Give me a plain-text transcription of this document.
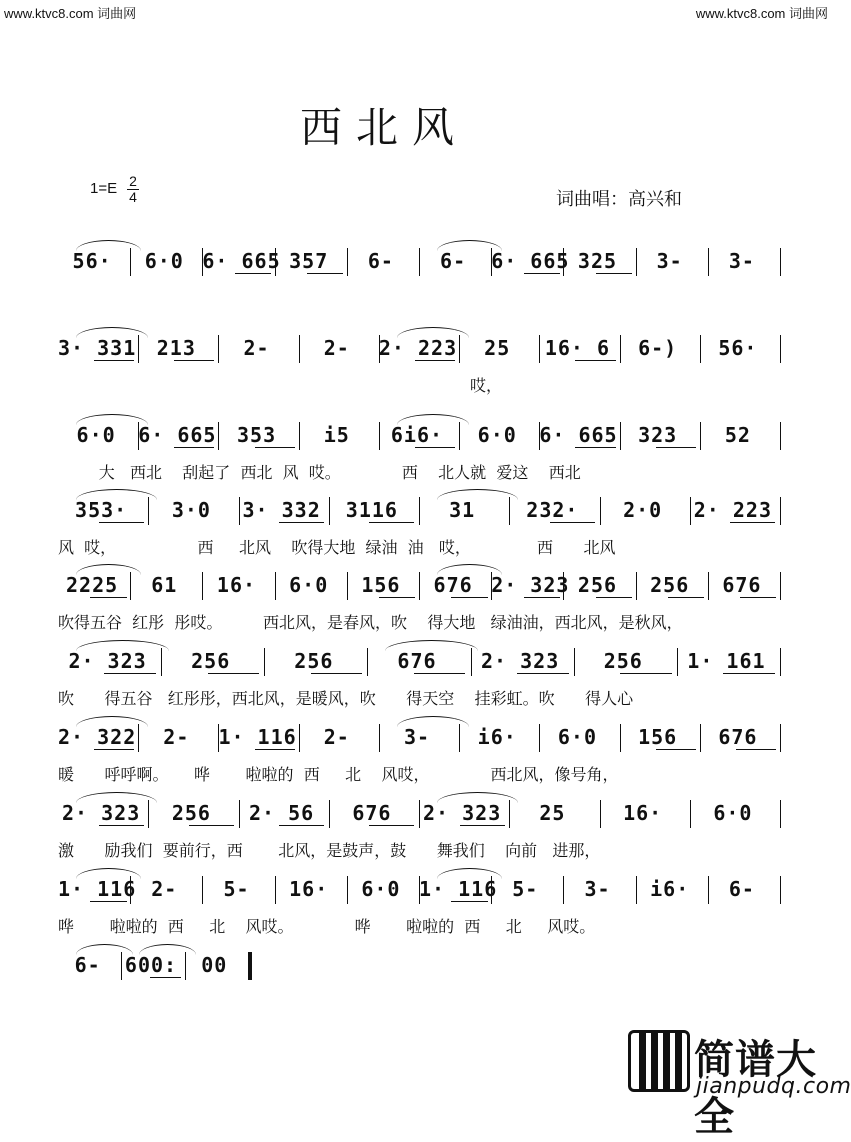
www.ktvc8.com 词曲网	www.ktvc8.com 词曲网
西北风
1=E 2
4	词曲唱：高兴和
56·	6·0 6· 665 357	6-	6-	6· 665 325	3-	3-
3· 331	213	2-	2-	2· 223	25	16· 6	6-)	56·
哎，
6·0	6· 665	353	i5	6i6·	6·0	6· 665	323	52
大   西北    刮起了  西北  风  哎。            西    北人就  爱这    西北
353·	3·0	3· 332	3116	31	232·	2·0	2· 223
风  哎，                西     北风    吹得大地  绿油  油   哎，             西      北风
2225	61	16·	6·0	156	676 2· 323 256	256	676
吹得五谷  红彤  彤哎。        西北风，是春风，吹    得大地   绿油油，西北风，是秋风，
2· 323	256	256	676	2· 323	256	1· 161
吹      得五谷   红彤彤，西北风，是暖风，吹      得天空    挂彩虹。吹      得人心
2· 322	2-	1· 116	2-	3-	i6·	6·0	156	676
暖      呼呼啊。     哗       啦啦的  西     北    风哎，            西北风，像号角，
2· 323	256	2· 56	676	2· 323	25	16·	6·0
激      励我们  要前行，西       北风，是鼓声，鼓      舞我们    向前   进那，
1· 116 2-	5-	16·	6·0 1· 116 5-	3-	i6·	6-
哗       啦啦的  西     北    风哎。            哗       啦啦的  西     北     风哎。
6-	600:	00
简谱大全
jianpudq.com
